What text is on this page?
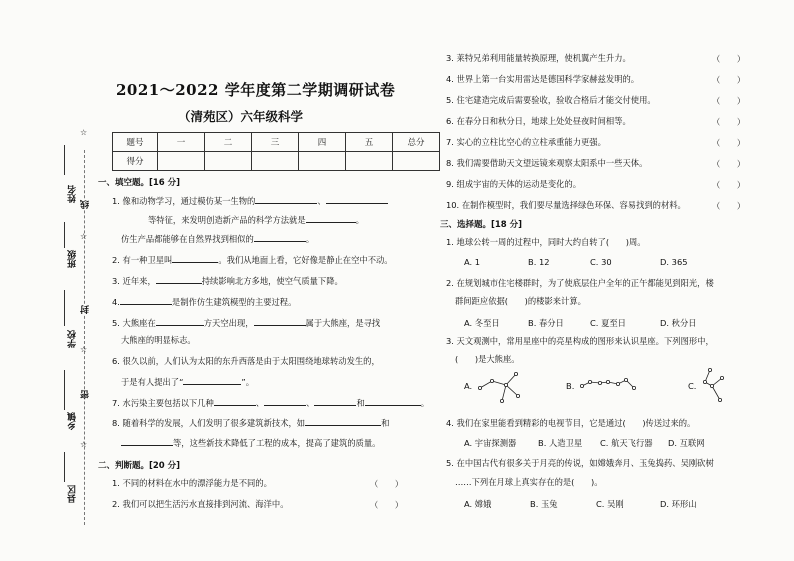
姓名
班级
学校
乡镇
县区
线
封
密
☆
☆
☆
☆
2021～2022 学年度第二学期调研试卷
（清苑区）六年级科学
题号	一	二	三	四	五	总分
得分						
一、填空题。[16 分]
1. 像和动物学习，通过模仿某一生物的	、
等特征，来发明创造新产品的科学方法就是	。
仿生产品都能够在自然界找到相似的	。
2. 有一种卫星叫	。我们从地面上看，它好像是静止在空中不动。
3. 近年来，	持续影响北方多地，使空气质量下降。
4.	是制作仿生建筑模型的主要过程。
5. 大熊座在	方天空出现，	属于大熊座，是寻找
大熊座的明显标志。
6. 很久以前，人们认为太阳的东升西落是由于太阳围绕地球转动发生的，
于是有人提出了“	”。
7. 水污染主要包括以下几种	、	、	和	。
8. 随着科学的发展，人们发明了很多建筑新技术，如	和
等，这些新技术降低了工程的成本，提高了建筑的质量。
二、判断题。[20 分]
1. 不同的材料在水中的漂浮能力是不同的。	（　　）
2. 我们可以把生活污水直接排到河流、海洋中。	（　　）
3. 莱特兄弟利用能量转换原理，使机翼产生升力。	（　　）
4. 世界上第一台实用雷达是德国科学家赫兹发明的。	（　　）
5. 住宅建造完成后需要验收，验收合格后才能交付使用。	（　　）
6. 在春分日和秋分日，地球上处处昼夜时间相等。	（　　）
7. 实心的立柱比空心的立柱承重能力更强。	（　　）
8. 我们需要借助天文望远镜来观察太阳系中一些天体。	（　　）
9. 组成宇宙的天体的运动是变化的。	（　　）
10. 在制作模型时，我们要尽量选择绿色环保、容易找到的材料。	（　　）
三、选择题。[18 分]
1. 地球公转一周的过程中，同时大约自转了(　　)周。
A. 1	B. 12	C. 30	D. 365
2. 在规划城市住宅楼群时，为了使底层住户全年的正午都能见到阳光，楼
群间距应依据(　　)的楼影来计算。
A. 冬至日	B. 春分日	C. 夏至日	D. 秋分日
3. 天文观测中，常用星座中的亮星构成的图形来认识星座。下列图形中，
(　　)是大熊座。
A.	B.	C.
4. 我们在家里能看到精彩的电视节目，它是通过(　　)传送过来的。
A. 宇宙探测器	B. 人造卫星 C. 航天飞行器 D. 互联网
5. 在中国古代有很多关于月亮的传说，如嫦娥奔月、玉兔捣药、吴刚砍树
……下列在月球上真实存在的是(　　)。
A. 嫦娥	B. 玉兔	C. 吴刚	D. 环形山
